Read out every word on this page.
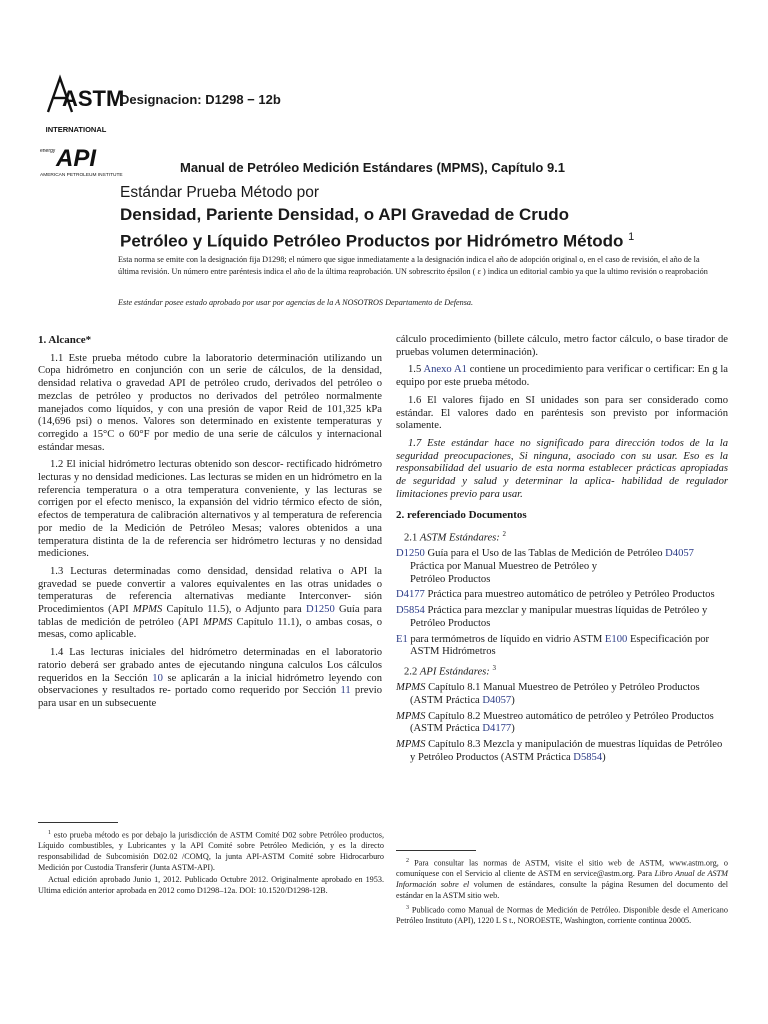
ASTM
INTERNATIONAL
energy API
AMERICAN PETROLEUM INSTITUTE
Designacion: D1298 − 12b
Manual de Petróleo Medición Estándares (MPMS), Capítulo 9.1
Estándar Prueba Método por
Densidad, Pariente Densidad, o API Gravedad de Crudo
Petróleo y Líquido Petróleo Productos por Hidrómetro Método $^1$
Esta norma se emite con la designación fija D1298; el número que sigue inmediatamente a la designación indica el año de adopción original o, en el caso de revisión, el año de la última revisión. Un número entre paréntesis indica el año de la última reaprobación. UN sobrescrito épsilon ( ε ) indica un editorial cambio ya que la ultimo revisión o reaprobación
Este estándar posee estado aprobado por usar por agencias de la A NOSOTROS Departamento de Defensa.
1. Alcance*

1.1 Este prueba método cubre la laboratorio determinación utilizando un Copa hidrómetro en conjunción con un serie de cálculos, de la densidad, densidad relativa o gravedad API de petróleo crudo, derivados del petróleo o mezclas de petróleo y productos no derivados del petróleo normalmente manejados como líquidos, y con una presión de vapor Reid de 101,325 kPa (14,696 psi) o menos. Valores son determinado en existente temperaturas y corregido a 15°C o 60°F por medio de una serie de cálculos y internacional estándar mesas.

1.2 El inicial hidrómetro lecturas obtenido son descor- rectificado hidrómetro lecturas y no densidad mediciones. Las lecturas se miden en un hidrómetro en la referencia temperatura o a otra temperatura conveniente, y las lecturas se corrigen por el efecto menisco, la expansión del vidrio térmico efecto de sión, efectos de temperatura de calibración alternativos y al temperatura de referencia por medio de la Medición de Petróleo Mesas; valores obtenidos a una temperatura distinta de la de referencia ser hidrómetro lecturas y no densidad mediciones.

1.3 Lecturas determinadas como densidad, densidad relativa o API la gravedad se puede convertir a valores equivalentes en las otras unidades o temperaturas de referencia alternativas mediante Interconver- sión Procedimientos (API MPMS Capítulo 11.5), o Adjunto para D1250 Guía para tablas de medición de petróleo (API MPMS Capítulo 11.1), o ambas cosas, o mesas, como aplicable.

1.4 Las lecturas iniciales del hidrómetro determinadas en el laboratorio ratorio deberá ser grabado antes de ejecutando ninguna calculos Los cálculos requeridos en la Sección 10 se aplicarán a la inicial hidrómetro leyendo con observaciones y resultados re- portado como requerido por Sección 11 previo para usar en un subsecuente

cálculo procedimiento (billete cálculo, metro factor cálculo, o base tirador de pruebas volumen determinación).

1.5 Anexo A1 contiene un procedimiento para verificar o certificar: En g la equipo por este prueba método.

1.6 El valores fijado en SI unidades son para ser considerado como estándar. El valores dado en paréntesis son previsto por información solamente.

1.7 Este estándar hace no significado para dirección todos de la la seguridad preocupaciones, Si ninguna, asociado con su usar. Eso es la responsabilidad del usuario de esta norma establecer prácticas apropiadas de seguridad y salud y determinar la aplica- habilidad de regulador limitaciones previo para usar.

2. referenciado Documentos

2.1 ASTM Estándares: $^2$

D1250 Guía para el Uso de las Tablas de Medición de Petróleo D4057 Práctica por Manual Muestreo de Petróleo y
Petróleo Productos

D4177 Práctica para muestreo automático de petróleo y Petróleo Productos

D5854 Práctica para mezclar y manipular muestras líquidas de Petróleo y Petróleo Productos

E1 para termómetros de líquido en vidrio ASTM E100 Especificación por ASTM Hidrómetros

2.2 API Estándares: $^3$

MPMS Capítulo 8.1 Manual Muestreo de Petróleo y Petróleo Productos (ASTM Práctica D4057)

MPMS Capítulo 8.2 Muestreo automático de petróleo y Petróleo Productos (ASTM Práctica D4177)

MPMS Capítulo 8.3 Mezcla y manipulación de muestras líquidas de Petróleo y Petróleo Productos (ASTM Práctica D5854)

$^1$ esto prueba método es por debajo la jurisdicción de ASTM Comité D02 sobre Petróleo productos, Líquido combustibles, y Lubricantes y la API Comité sobre Petróleo Medición, y es la directo responsabilidad de Subcomisión D02.02 /COMQ, la junta API-ASTM Comité sobre Hidrocarburo Medición por Custodia Transferir (Junta ASTM-API).

Actual edición aprobado Junio 1, 2012. Publicado Octubre 2012. Originalmente aprobado en 1953. Ultima edición anterior aprobada en 2012 como D1298–12a. DOI: 10.1520/D1298-12B.

$^2$ Para consultar las normas de ASTM, visite el sitio web de ASTM, www.astm.org, o comuníquese con el Servicio al cliente de ASTM en service@astm.org. Para Libro Anual de ASTM Información sobre el volumen de estándares, consulte la página Resumen del documento del estándar en la ASTM sitio web.

$^3$ Publicado como Manual de Normas de Medición de Petróleo. Disponible desde el Americano Petróleo Instituto (API), 1220 L S t., NOROESTE, Washington, corriente continua 20005.
